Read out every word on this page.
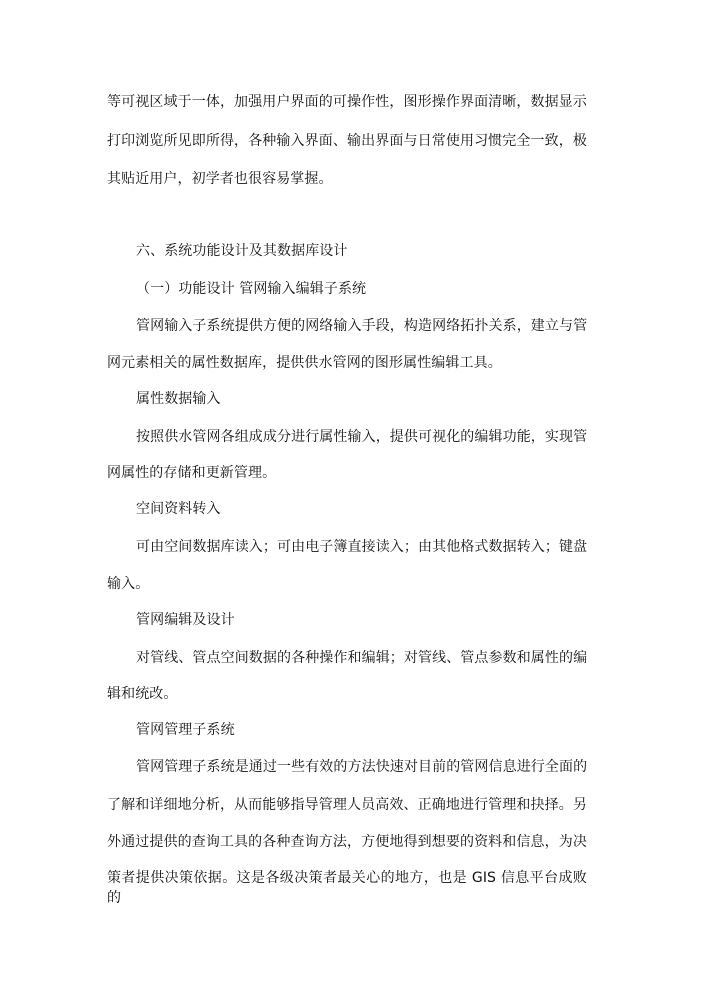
等可视区域于一体，加强用户界面的可操作性，图形操作界面清晰，数据显示
打印浏览所见即所得，各种输入界面、输出界面与日常使用习惯完全一致，极
其贴近用户，初学者也很容易掌握。
六、系统功能设计及其数据库设计
（一）功能设计 管网输入编辑子系统
管网输入子系统提供方便的网络输入手段，构造网络拓扑关系，建立与管
网元素相关的属性数据库，提供供水管网的图形属性编辑工具。
属性数据输入
按照供水管网各组成成分进行属性输入，提供可视化的编辑功能，实现管
网属性的存储和更新管理。
空间资料转入
可由空间数据库读入；可由电子簿直接读入；由其他格式数据转入；键盘
输入。
管网编辑及设计
对管线、管点空间数据的各种操作和编辑；对管线、管点参数和属性的编
辑和统改。
管网管理子系统
管网管理子系统是通过一些有效的方法快速对目前的管网信息进行全面的
了解和详细地分析，从而能够指导管理人员高效、正确地进行管理和抉择。另
外通过提供的查询工具的各种查询方法，方便地得到想要的资料和信息，为决
策者提供决策依据。这是各级决策者最关心的地方，也是 GIS 信息平台成败的
